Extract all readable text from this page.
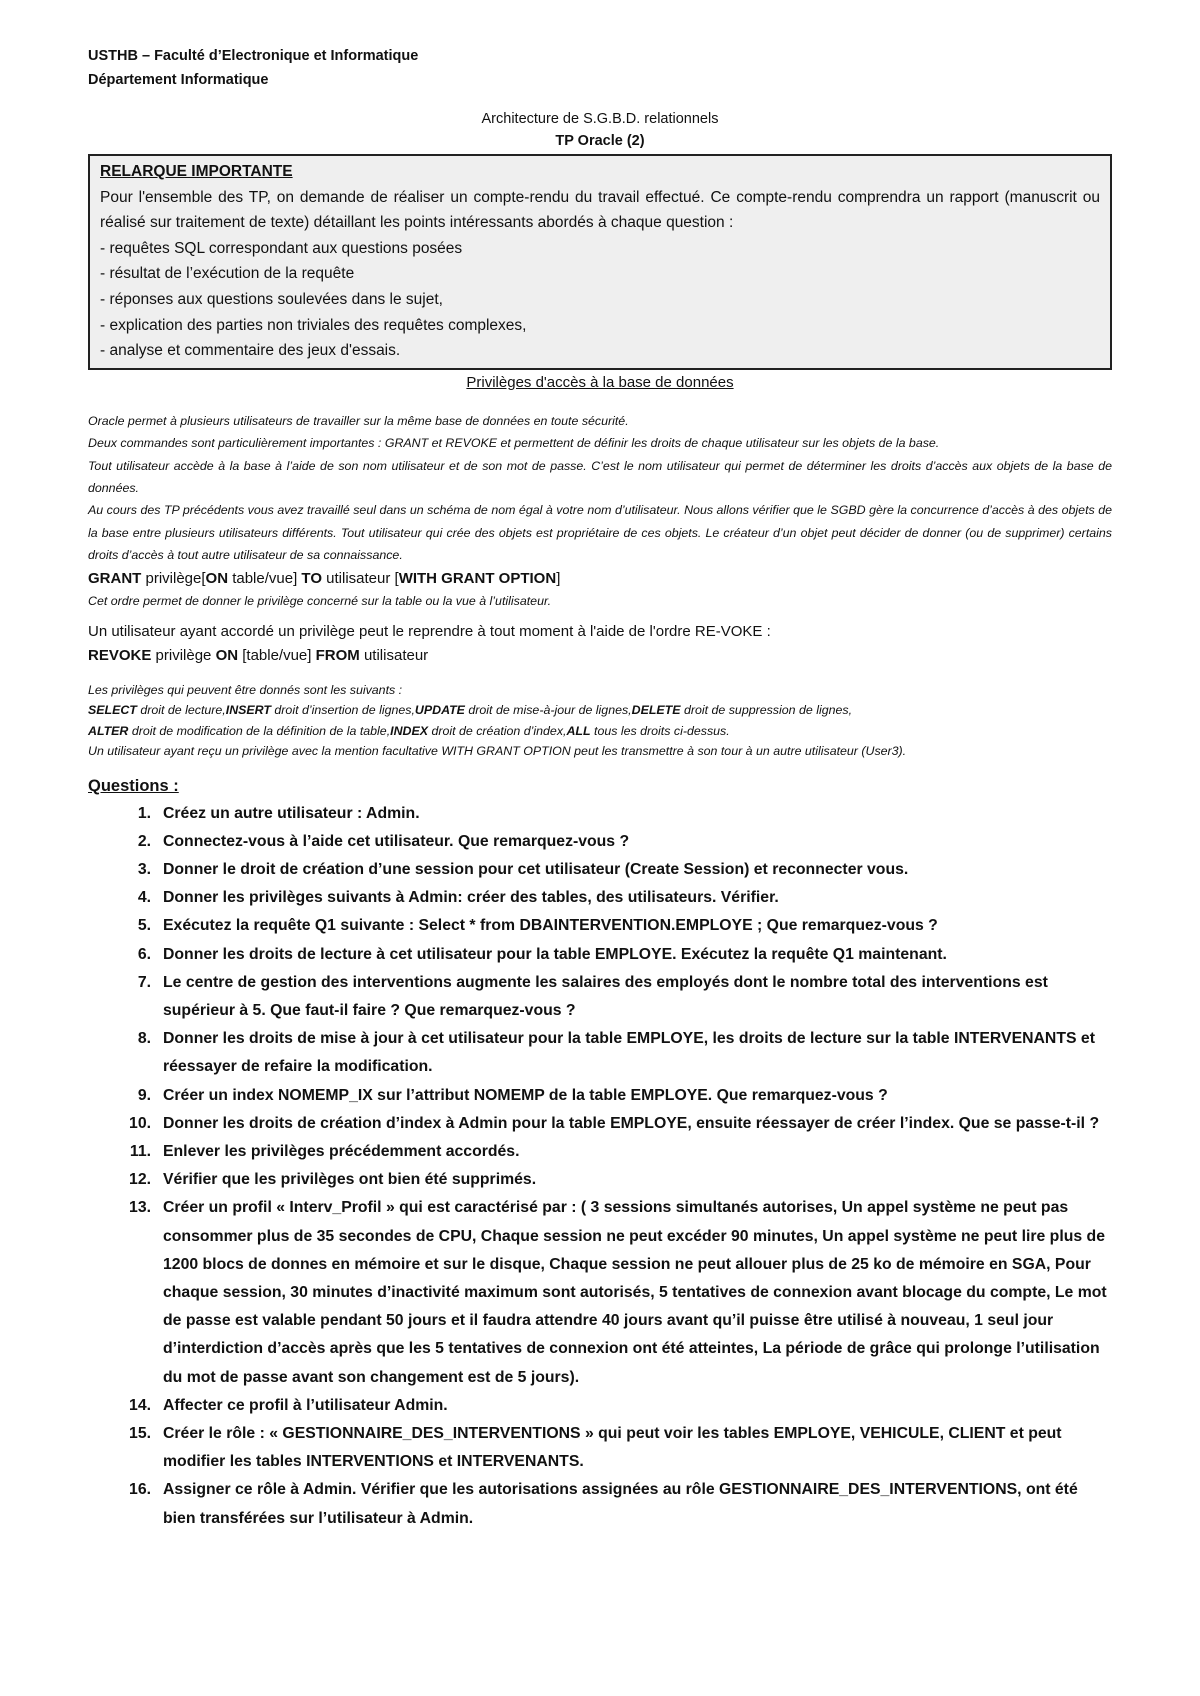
USTHB – Faculté d’Electronique et Informatique
Département Informatique
Architecture de S.G.B.D. relationnels
TP Oracle (2)
RELARQUE IMPORTANTE

Pour l'ensemble des TP, on demande de réaliser un compte-rendu du travail effectué. Ce compte-rendu comprendra un rapport (manuscrit ou réalisé sur traitement de texte) détaillant les points intéressants abordés à chaque question :

- requêtes SQL correspondant aux questions posées

- résultat de l’exécution de la requête

- réponses aux questions soulevées dans le sujet,

- explication des parties non triviales des requêtes complexes,

- analyse et commentaire des jeux d'essais.

Privilèges d'accès à la base de données

Oracle permet à plusieurs utilisateurs de travailler sur la même base de données en toute sécurité.

Deux commandes sont particulièrement importantes : GRANT et REVOKE et permettent de définir les droits de chaque utilisateur sur les objets de la base.

Tout utilisateur accède à la base à l’aide de son nom utilisateur et de son mot de passe. C’est le nom utilisateur qui permet de déterminer les droits d’accès aux objets de la base de données.

Au cours des TP précédents vous avez travaillé seul dans un schéma de nom égal à votre nom d’utilisateur. Nous allons vérifier que le SGBD gère la concurrence d’accès à des objets de la base entre plusieurs utilisateurs différents. Tout utilisateur qui crée des objets est propriétaire de ces objets. Le créateur d’un objet peut décider de donner (ou de supprimer) certains droits d’accès à tout autre utilisateur de sa connaissance.

GRANT privilège[ON table/vue] TO utilisateur [WITH GRANT OPTION]

Cet ordre permet de donner le privilège concerné sur la table ou la vue à l’utilisateur.

Un utilisateur ayant accordé un privilège peut le reprendre à tout moment à l'aide de l'ordre RE-VOKE :

REVOKE privilège ON [table/vue] FROM utilisateur

Les privilèges qui peuvent être donnés sont les suivants :

SELECT droit de lecture,INSERT droit d’insertion de lignes,UPDATE droit de mise-à-jour de lignes,DELETE droit de suppression de lignes,

ALTER droit de modification de la définition de la table,INDEX droit de création d’index,ALL tous les droits ci-dessus.

Un utilisateur ayant reçu un privilège avec la mention facultative WITH GRANT OPTION peut les transmettre à son tour à un autre utilisateur (User3).

Questions :
1. Créez un autre utilisateur : Admin.
2. Connectez-vous à l’aide cet utilisateur. Que remarquez-vous ?
3. Donner le droit de création d’une session pour cet utilisateur (Create Session) et reconnecter vous.
4. Donner les privilèges suivants à Admin: créer des tables, des utilisateurs. Vérifier.
5. Exécutez la requête Q1 suivante : Select * from DBAINTERVENTION.EMPLOYE ; Que remarquez-vous ?
6. Donner les droits de lecture à cet utilisateur pour la table EMPLOYE. Exécutez la requête Q1 maintenant.
7. Le centre de gestion des interventions augmente les salaires des employés dont le nombre total des interventions est supérieur à 5. Que faut-il faire ? Que remarquez-vous ?
8. Donner les droits de mise à jour à cet utilisateur pour la table EMPLOYE, les droits de lecture sur la table INTERVENANTS et réessayer de refaire la modification.
9. Créer un index NOMEMP_IX sur l’attribut NOMEMP de la table EMPLOYE. Que remarquez-vous ?
10. Donner les droits de création d’index à Admin pour la table EMPLOYE, ensuite réessayer de créer l’index. Que se passe-t-il ?
11. Enlever les privilèges précédemment accordés.
12. Vérifier que les privilèges ont bien été supprimés.
13. Créer un profil « Interv_Profil » qui est caractérisé par : ( 3 sessions simultanés autorises, Un appel système ne peut pas consommer plus de 35 secondes de CPU, Chaque session ne peut excéder 90 minutes, Un appel système ne peut lire plus de 1200 blocs de donnes en mémoire et sur le disque, Chaque session ne peut allouer plus de 25 ko de mémoire en SGA, Pour chaque session, 30 minutes d’inactivité maximum sont autorisés, 5 tentatives de connexion avant blocage du compte, Le mot de passe est valable pendant 50 jours et il faudra attendre 40 jours avant qu’il puisse être utilisé à nouveau, 1 seul jour d’interdiction d’accès après que les 5 tentatives de connexion ont été atteintes, La période de grâce qui prolonge l’utilisation du mot de passe avant son changement est de 5 jours).
14. Affecter ce profil à l’utilisateur Admin.
15. Créer le rôle : « GESTIONNAIRE_DES_INTERVENTIONS » qui peut voir les tables EMPLOYE, VEHICULE, CLIENT et peut modifier les tables INTERVENTIONS et INTERVENANTS.
16. Assigner ce rôle à Admin. Vérifier que les autorisations assignées au rôle GESTIONNAIRE_DES_INTERVENTIONS, ont été bien transférées sur l’utilisateur à Admin.
